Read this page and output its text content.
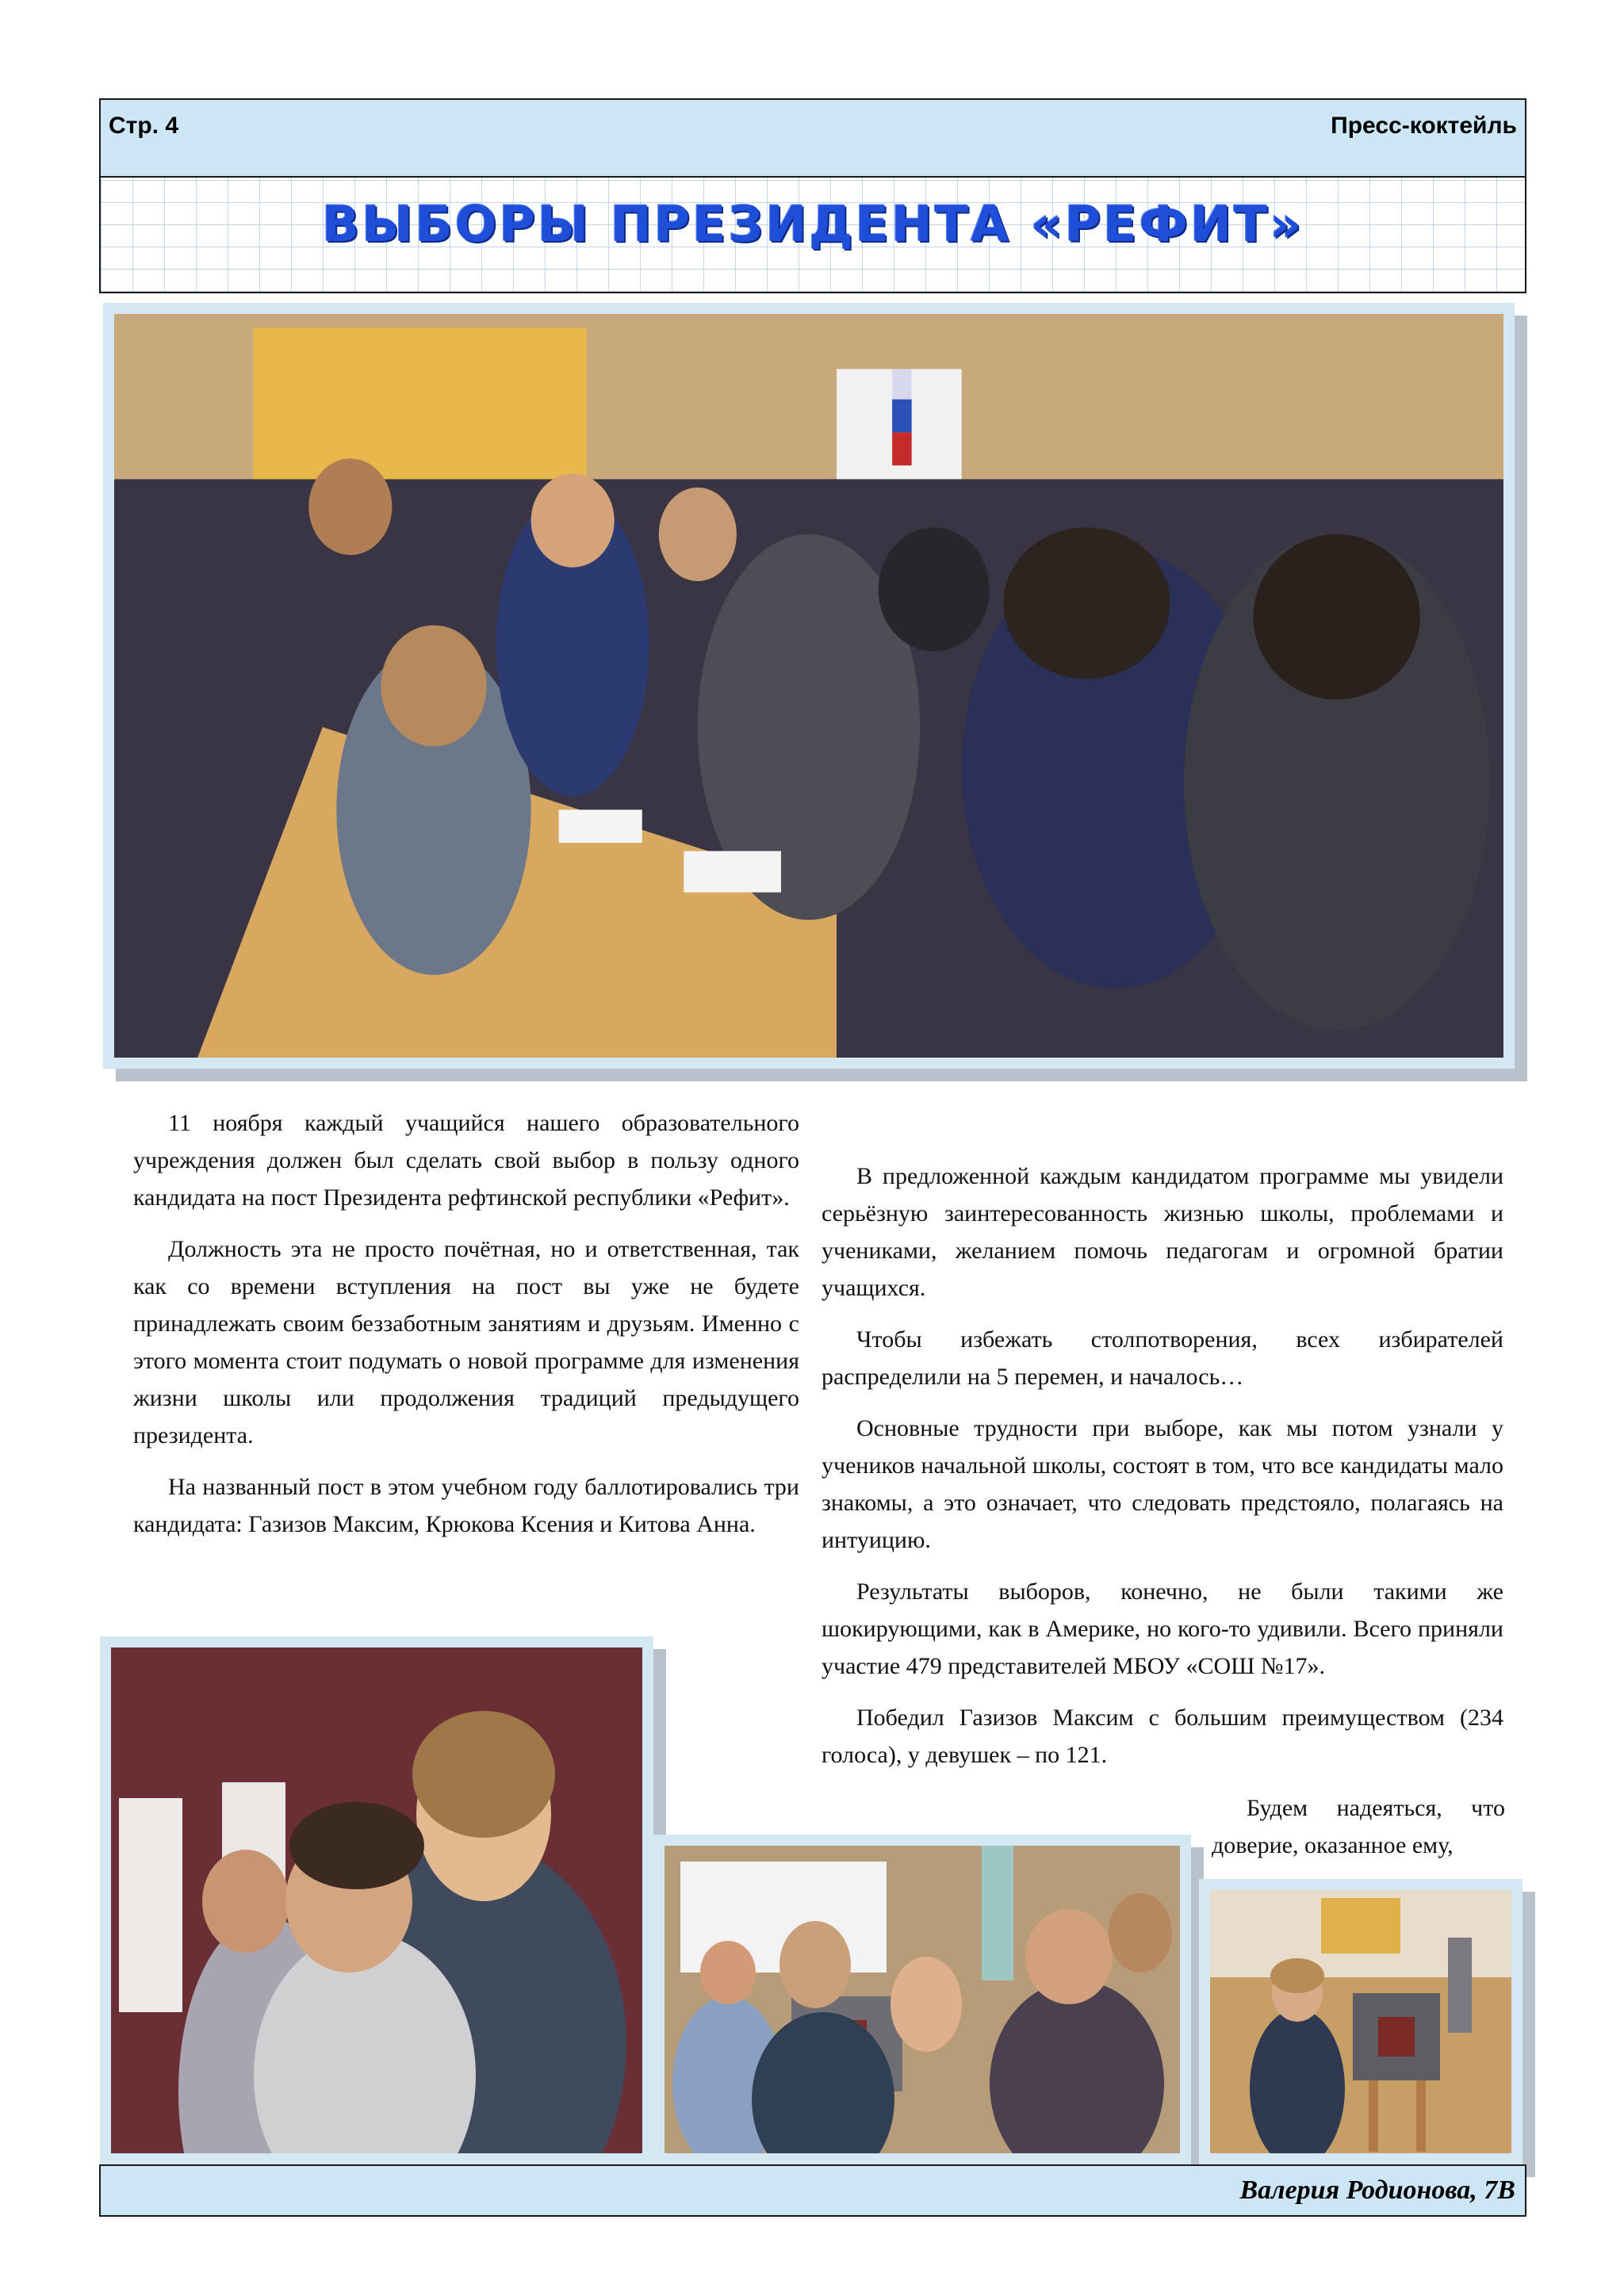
Стр. 4	Пресс-коктейль
ВЫБОРЫ ПРЕЗИДЕНТА «РЕФИТ»

11 ноября каждый учащийся нашего образовательного учреждения должен был сделать свой выбор в пользу одного кандидата на пост Президента рефтинской республики «Рефит».

Должность эта не просто почётная, но и ответственная, так как со времени вступления на пост вы уже не будете принадлежать своим беззаботным занятиям и друзьям. Именно с этого момента стоит подумать о новой программе для изменения жизни школы или продолжения традиций предыдущего президента.

На названный пост в этом учебном году баллотировались три кандидата: Газизов Максим, Крюкова Ксения и Китова Анна.

В предложенной каждым кандидатом программе мы увидели серьёзную заинтересованность жизнью школы, проблемами и учениками, желанием помочь педагогам и огромной братии учащихся.

Чтобы избежать столпотворения, всех избирателей распределили на 5 перемен, и началось…

Основные трудности при выборе, как мы потом узнали у учеников начальной школы, состоят в том, что все кандидаты мало знакомы, а это означает, что следовать предстояло, полагаясь на интуицию.

Результаты выборов, конечно, не были такими же шокирующими, как в Америке, но кого-то удивили. Всего приняли участие 479 представителей МБОУ «СОШ №17».

Победил Газизов Максим с большим преимуществом (234 голоса), у девушек – по 121.

Будем надеяться, что доверие, оказанное ему,

Валерия Родионова, 7В
